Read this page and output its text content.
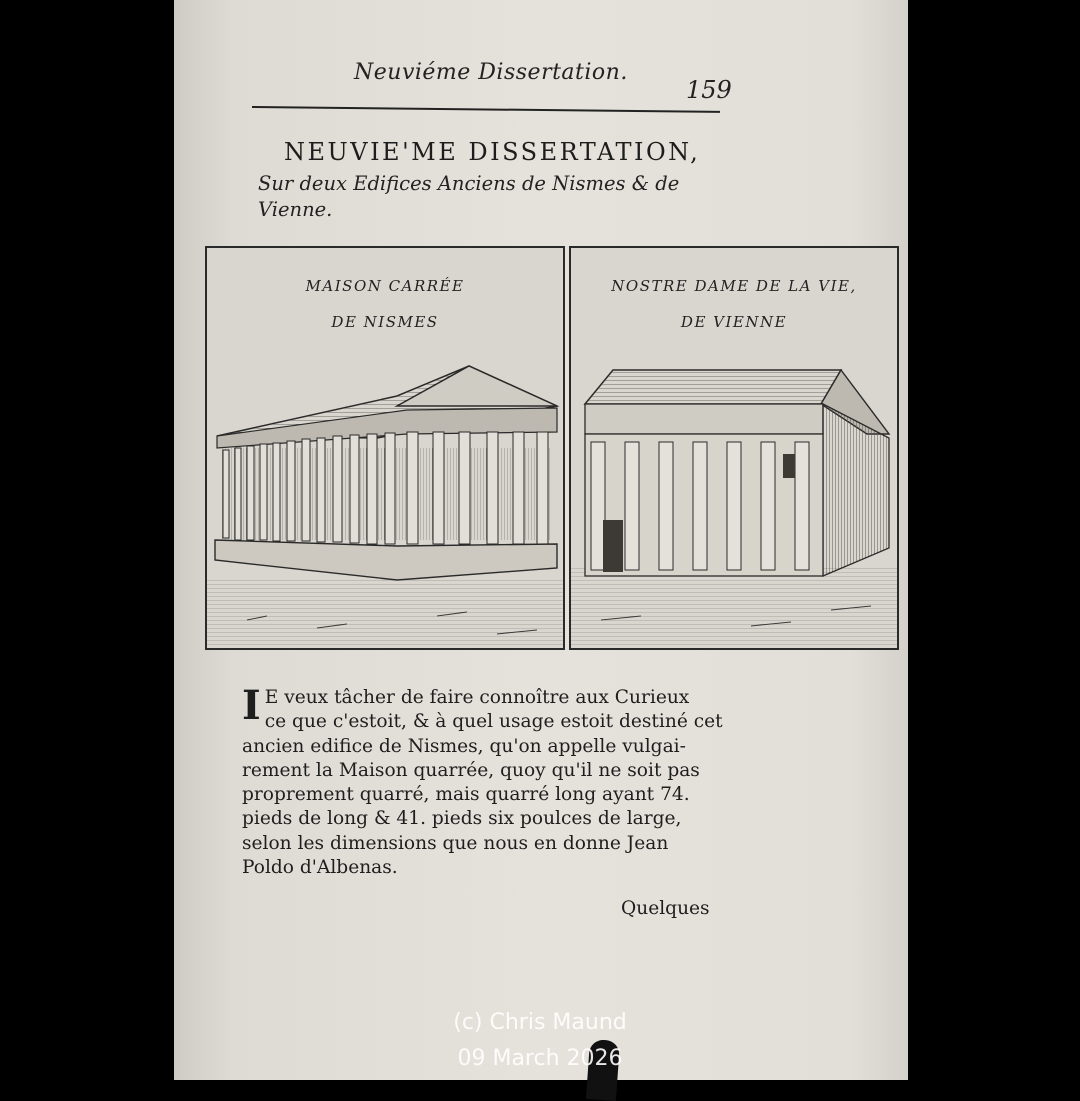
Neuviéme Dissertation.
159
NEUVIE'ME DISSERTATION,
Sur deux Edifices Anciens de Nismes & de
Vienne.
MAISON CARRÉE
DE NISMES
NOSTRE DAME DE LA VIE,
DE VIENNE
I E veux tâcher de faire connoître aux Curieux
ce que c'estoit, & à quel usage estoit destiné cet
ancien edifice de Nismes, qu'on appelle vulgai-
rement la Maison quarrée, quoy qu'il ne soit pas
proprement quarré, mais quarré long ayant 74.
pieds de long & 41. pieds six poulces de large,
selon les dimensions que nous en donne Jean
Poldo d'Albenas.
Quelques
(c) Chris Maund
09 March 2026
